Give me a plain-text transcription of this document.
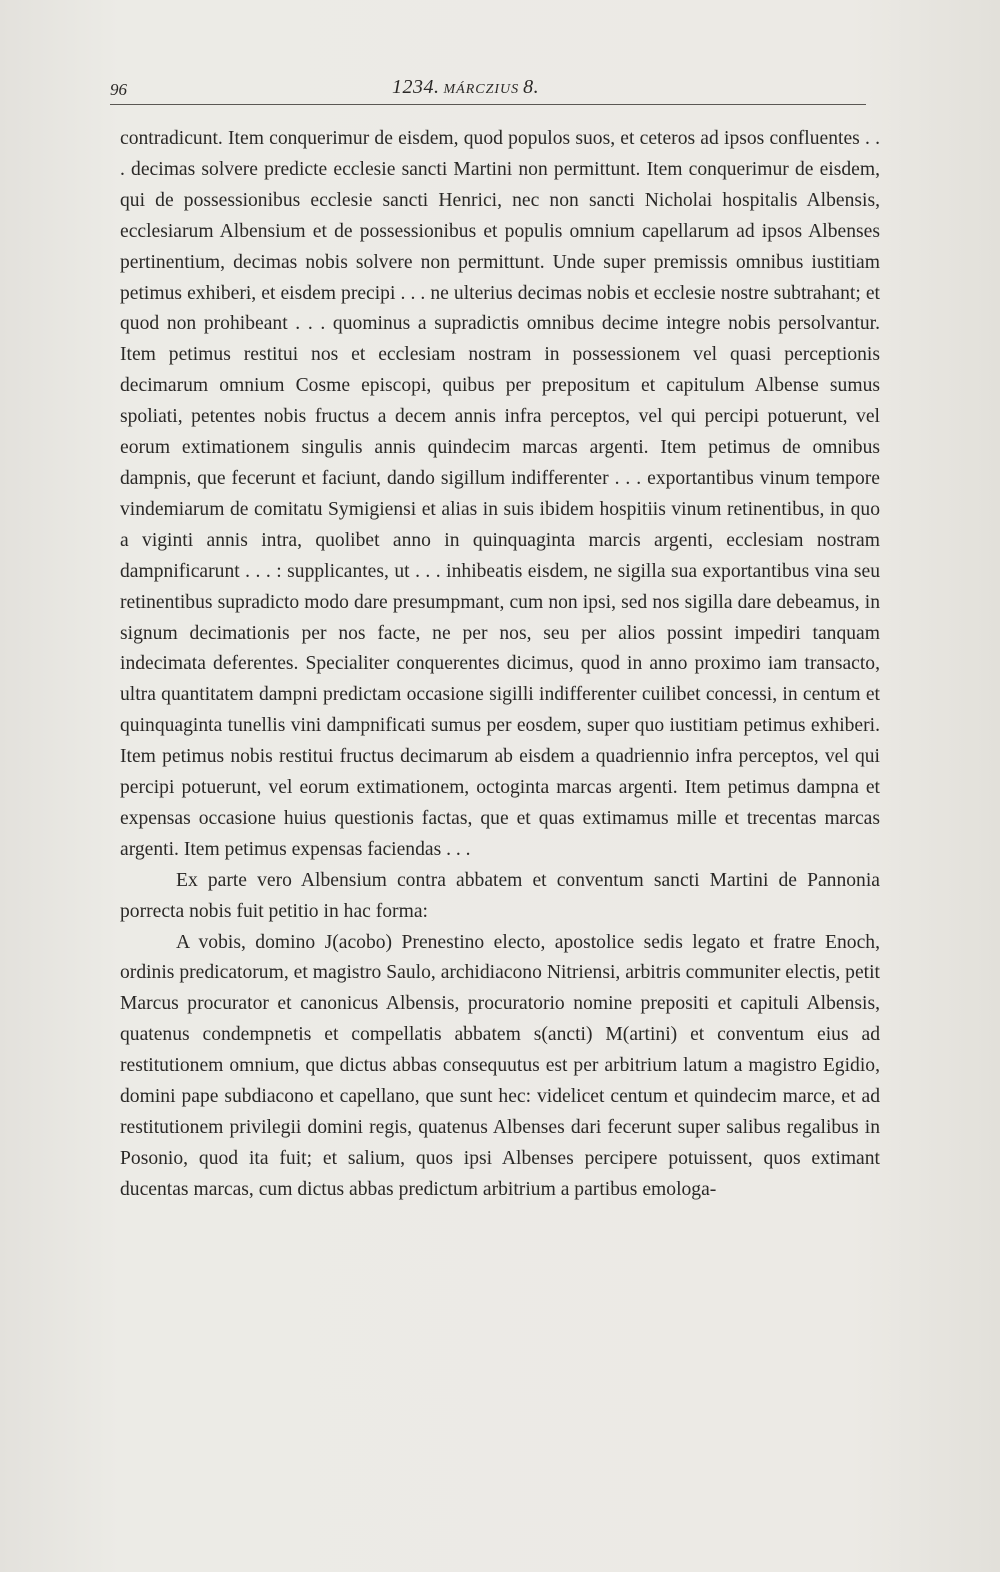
96	1234. MÁRCZIUS 8.

contradicunt. Item conquerimur de eisdem, quod populos suos, et ceteros ad ipsos confluentes . . . decimas solvere predicte ecclesie sancti Martini non permittunt. Item conquerimur de eisdem, qui de possessionibus ecclesie sancti Henrici, nec non sancti Nicholai hospitalis Albensis, ecclesiarum Albensium et de possessionibus et populis omnium capellarum ad ipsos Albenses pertinentium, decimas nobis solvere non permittunt. Unde super premissis omnibus iustitiam petimus exhiberi, et eisdem precipi . . . ne ulterius decimas nobis et ecclesie nostre subtrahant; et quod non prohibeant . . . quominus a supradictis omnibus decime integre nobis persolvantur. Item petimus restitui nos et ecclesiam nostram in possessionem vel quasi perceptionis decimarum omnium Cosme episcopi, quibus per prepositum et capitulum Albense sumus spoliati, petentes nobis fructus a decem annis infra perceptos, vel qui percipi potuerunt, vel eorum extimationem singulis annis quindecim marcas argenti. Item petimus de omnibus dampnis, que fecerunt et faciunt, dando sigillum indifferenter . . . exportantibus vinum tempore vindemiarum de comitatu Symigiensi et alias in suis ibidem hospitiis vinum retinentibus, in quo a viginti annis intra, quolibet anno in quinquaginta marcis argenti, ecclesiam nostram dampnificarunt . . . : supplicantes, ut . . . inhibeatis eisdem, ne sigilla sua exportantibus vina seu retinentibus supradicto modo dare presumpmant, cum non ipsi, sed nos sigilla dare debeamus, in signum decimationis per nos facte, ne per nos, seu per alios possint impediri tanquam indecimata deferentes. Specialiter conquerentes dicimus, quod in anno proximo iam transacto, ultra quantitatem dampni predictam occasione sigilli indifferenter cuilibet concessi, in centum et quinquaginta tunellis vini dampnificati sumus per eosdem, super quo iustitiam petimus exhiberi. Item petimus nobis restitui fructus decimarum ab eisdem a quadriennio infra perceptos, vel qui percipi potuerunt, vel eorum extimationem, octoginta marcas argenti. Item petimus dampna et expensas occasione huius questionis factas, que et quas extimamus mille et trecentas marcas argenti. Item petimus expensas faciendas . . .

Ex parte vero Albensium contra abbatem et conventum sancti Martini de Pannonia porrecta nobis fuit petitio in hac forma:

A vobis, domino J(acobo) Prenestino electo, apostolice sedis legato et fratre Enoch, ordinis predicatorum, et magistro Saulo, archidiacono Nitriensi, arbitris communiter electis, petit Marcus procurator et canonicus Albensis, procuratorio nomine prepositi et capituli Albensis, quatenus condempnetis et compellatis abbatem s(ancti) M(artini) et conventum eius ad restitutionem omnium, que dictus abbas consequutus est per arbitrium latum a magistro Egidio, domini pape subdiacono et capellano, que sunt hec: videlicet centum et quindecim marce, et ad restitutionem privilegii domini regis, quatenus Albenses dari fecerunt super salibus regalibus in Posonio, quod ita fuit; et salium, quos ipsi Albenses percipere potuissent, quos extimant ducentas marcas, cum dictus abbas predictum arbitrium a partibus emologa-
